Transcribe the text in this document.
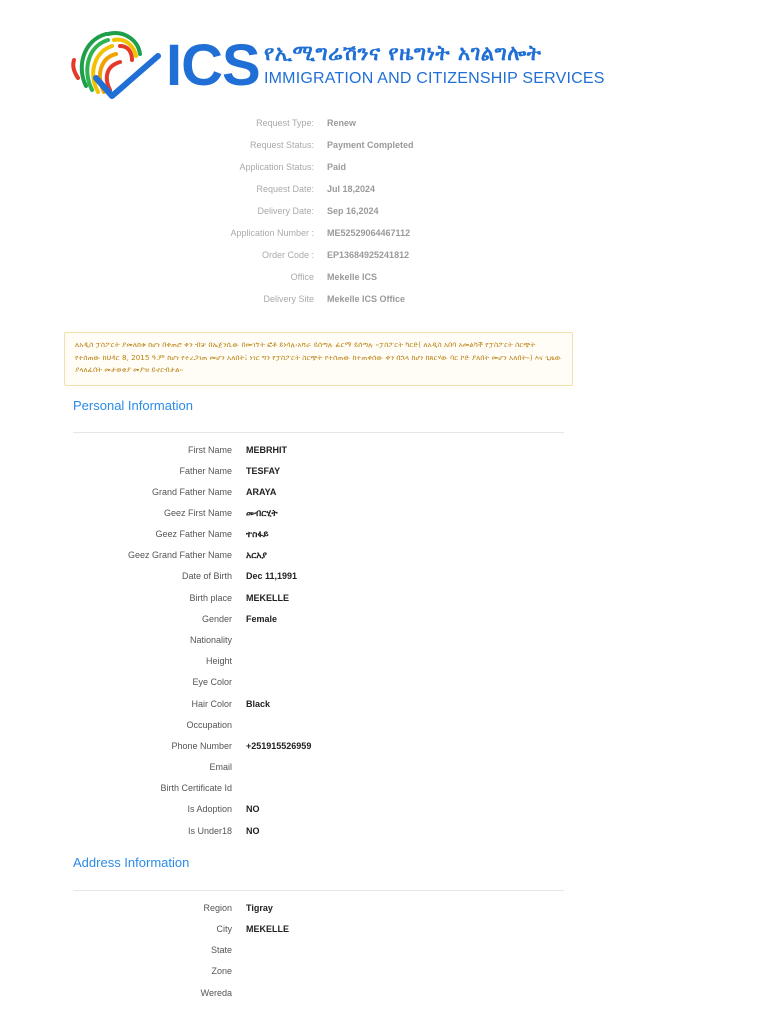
ICS የኢሚግሬሽንና የዜግነት አገልግሎት
IMMIGRATION AND CITIZENSHIP SERVICES
Request Type: Renew
Request Status: Payment Completed
Application Status: Paid
Request Date: Jul 18,2024
Delivery Date: Sep 16,2024
Application Number : ME52529064467112
Order Code : EP13684925241812
Office Mekelle ICS
Delivery Site Mekelle ICS Office
ለአዲስ ፓስፖርት ያመለከቱ ከሆነ በቀጠሮ ቀን ብቻ በኤጀንሲው በመገኘት ፎቶ ይነሳሉ፡አሻራ ይሰጣሉ ፊርማ ይሰጣሉ ፡፡ፓስፖርት ካርድ( ለአዲስ አበባ አመልካች የፓስፖርት ስርጭት የተሰጠው ከህዳር 8, 2015 ዓ.ም ከሆነ የተረጋገጠ መሆን አለበት፤ ነገር ግን የፓስፖርት ስርጭት የተሰጠው ከተጠቀሰው ቀን በኋላ ከሆነ ከጸርሃው ባር ኮድ ያለበት መሆን አለበት፡፡) እና ጊዜው ያላለፈበት መታወቂያ መያዝ ይኖርብታል፡፡
Personal Information
First Name MEBRHIT
Father Name TESFAY
Grand Father Name ARAYA
Geez First Name መብርሂት
Geez Father Name ተስፋይ
Geez Grand Father Name አርአያ
Date of Birth Dec 11,1991
Birth place MEKELLE
Gender Female
Nationality
Height
Eye Color
Hair Color Black
Occupation
Phone Number +251915526959
Email
Birth Certificate Id
Is Adoption NO
Is Under18 NO
Address Information
Region Tigray
City MEKELLE
State
Zone
Wereda
